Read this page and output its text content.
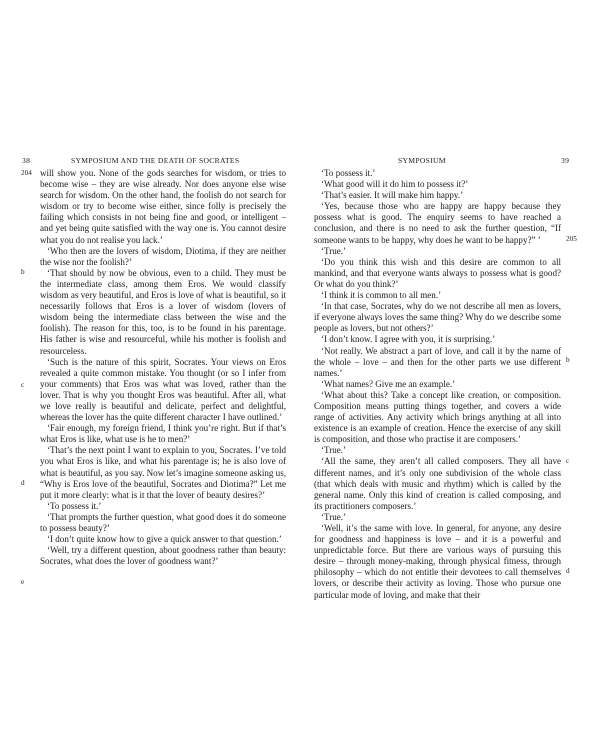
38	SYMPOSIUM AND THE DEATH OF SOCRATES
204
b
c
d
e

will show you. None of the gods searches for wisdom, or tries to become wise – they are wise already. Nor does anyone else wise search for wisdom. On the other hand, the foolish do not search for wisdom or try to become wise either, since folly is precisely the failing which consists in not being fine and good, or intelligent – and yet being quite satisfied with the way one is. You cannot desire what you do not realise you lack.’

‘Who then are the lovers of wisdom, Diotima, if they are neither the wise nor the foolish?’

‘That should by now be obvious, even to a child. They must be the intermediate class, among them Eros. We would classify wisdom as very beautiful, and Eros is love of what is beautiful, so it necessarily follows that Eros is a lover of wisdom (lovers of wisdom being the intermediate class between the wise and the foolish). The reason for this, too, is to be found in his parentage. His father is wise and resourceful, while his mother is foolish and resourceless.

‘Such is the nature of this spirit, Socrates. Your views on Eros revealed a quite common mistake. You thought (or so I infer from your comments) that Eros was what was loved, rather than the lover. That is why you thought Eros was beautiful. After all, what we love really is beautiful and delicate, perfect and delightful, whereas the lover has the quite different character I have outlined.’

‘Fair enough, my foreign friend, I think you’re right. But if that’s what Eros is like, what use is he to men?’

‘That’s the next point I want to explain to you, Socrates. I’ve told you what Eros is like, and what his parentage is; he is also love of what is beautiful, as you say. Now let’s imagine someone asking us, “Why is Eros love of the beautiful, Socrates and Diotima?” Let me put it more clearly: what is it that the lover of beauty desires?’

‘To possess it.’

‘That prompts the further question, what good does it do someone to possess beauty?’

‘I don’t quite know how to give a quick answer to that question.’

‘Well, try a different question, about goodness rather than beauty: Socrates, what does the lover of goodness want?’

SYMPOSIUM	39
205
b
c
d

‘To possess it.’

‘What good will it do him to possess it?’

‘That’s easier. It will make him happy.’

‘Yes, because those who are happy are happy because they possess what is good. The enquiry seems to have reached a conclusion, and there is no need to ask the further question, “If someone wants to be happy, why does he want to be happy?” ’

‘True.’

‘Do you think this wish and this desire are common to all mankind, and that everyone wants always to possess what is good? Or what do you think?’

‘I think it is common to all men.’

‘In that case, Socrates, why do we not describe all men as lovers, if everyone always loves the same thing? Why do we describe some people as lovers, but not others?’

‘I don’t know. I agree with you, it is surprising.’

‘Not really. We abstract a part of love, and call it by the name of the whole – love – and then for the other parts we use different names.’

‘What names? Give me an example.’

‘What about this? Take a concept like creation, or composition. Composition means putting things together, and covers a wide range of activities. Any activity which brings anything at all into existence is an example of creation. Hence the exercise of any skill is composition, and those who practise it are composers.’

‘True.’

‘All the same, they aren’t all called composers. They all have different names, and it’s only one subdivision of the whole class (that which deals with music and rhythm) which is called by the general name. Only this kind of creation is called composing, and its practitioners composers.’

‘True.’

‘Well, it’s the same with love. In general, for anyone, any desire for goodness and happiness is love – and it is a powerful and unpredictable force. But there are various ways of pursuing this desire – through money-making, through physical fitness, through philosophy – which do not entitle their devotees to call themselves lovers, or describe their activity as loving. Those who pursue one particular mode of loving, and make that their
